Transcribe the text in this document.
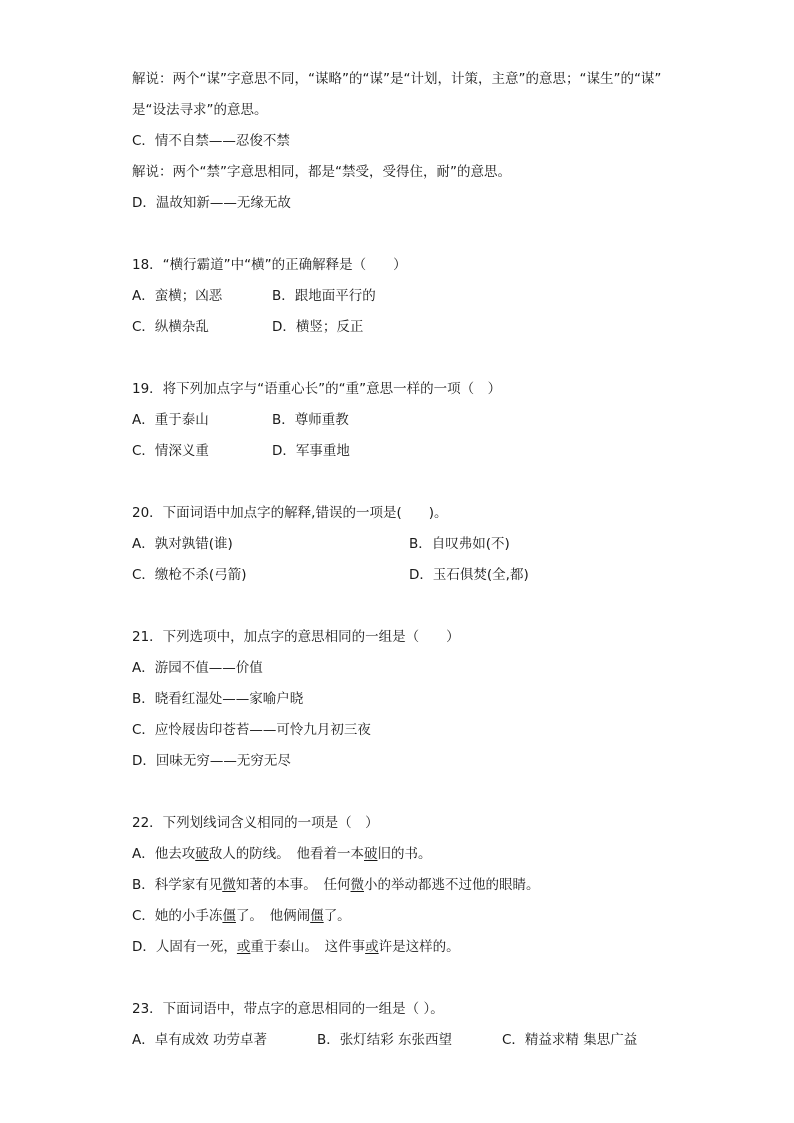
解说：两个“谋”字意思不同，“谋略”的“谋”是“计划，计策，主意”的意思；“谋生”的“谋”
是“设法寻求”的意思。
C．情不自禁——忍俊不禁
解说：两个“禁”字意思相同，都是“禁受，受得住，耐”的意思。
D．温故知新——无缘无故
18．“横行霸道”中“横”的正确解释是（　　）
A．蛮横；凶恶	B．跟地面平行的
C．纵横杂乱	D．横竖；反正
19．将下列加点字与“语重心长”的“重”意思一样的一项（　）
A．重于泰山	B．尊师重教
C．情深义重	D．军事重地
20．下面词语中加点字的解释,错误的一项是(　　)。
A．孰对孰错(谁)	B．自叹弗如(不)
C．缴枪不杀(弓箭)	D．玉石俱焚(全,都)
21．下列选项中，加点字的意思相同的一组是（　　）
A．游园不值——价值
B．晓看红湿处——家喻户晓
C．应怜屐齿印苍苔——可怜九月初三夜
D．回味无穷——无穷无尽
22．下列划线词含义相同的一项是（　）
A．他去攻破敌人的防线。　他看着一本破旧的书。
B．科学家有见微知著的本事。　任何微小的举动都逃不过他的眼睛。
C．她的小手冻僵了。　他俩闹僵了。
D．人固有一死，或重于泰山。　这件事或许是这样的。
23．下面词语中，带点字的意思相同的一组是（ ）。
A．卓有成效 功劳卓著	B．张灯结彩 东张西望	C．精益求精 集思广益
